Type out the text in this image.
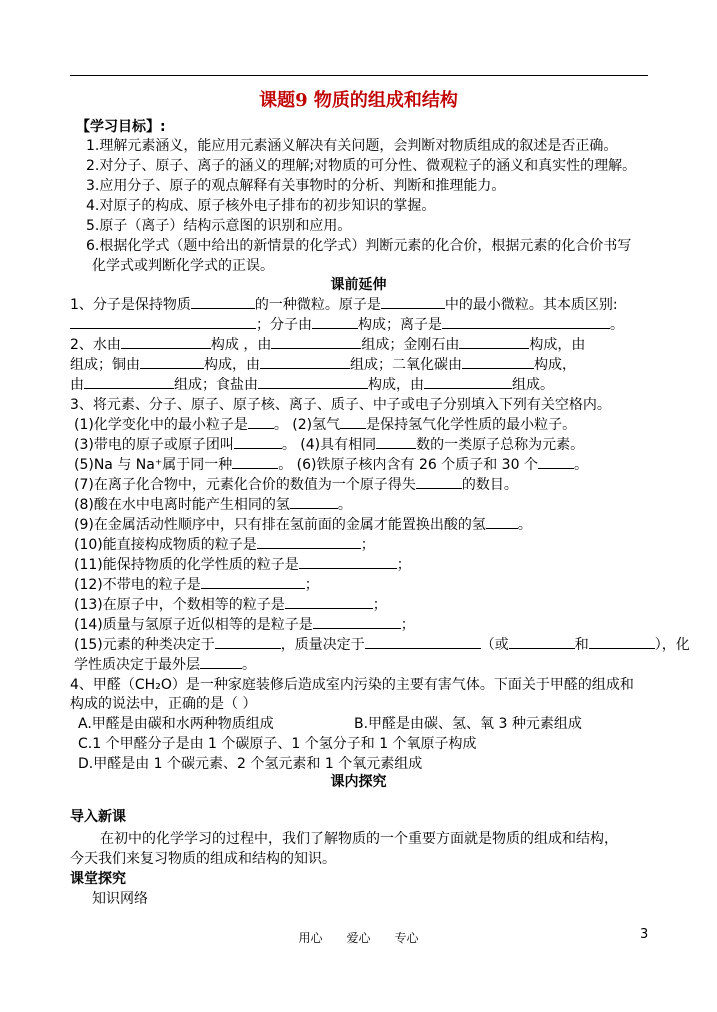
课题9 物质的组成和结构
【学习目标】:
1.理解元素涵义，能应用元素涵义解决有关问题，会判断对物质组成的叙述是否正确。
2.对分子、原子、离子的涵义的理解;对物质的可分性、微观粒子的涵义和真实性的理解。
3.应用分子、原子的观点解释有关事物时的分析、判断和推理能力。
4.对原子的构成、原子核外电子排布的初步知识的掌握。
5.原子（离子）结构示意图的识别和应用。
6.根据化学式（题中给出的新情景的化学式）判断元素的化合价，根据元素的化合价书写
化学式或判断化学式的正误。
课前延伸
1、分子是保持物质	的一种微粒。原子是	中的最小微粒。其本质区别:
；分子由	构成；离子是	。
2、水由	构成 ，由	组成；金刚石由	构成，由
组成；铜由	构成，由	组成；二氧化碳由	构成，
由	组成；食盐由	构成，由	组成。
3、将元素、分子、原子、原子核、离子、质子、中子或电子分别填入下列有关空格内。
(1)化学变化中的最小粒子是 。 (2)氢气 是保持氢气化学性质的最小粒子。
(3)带电的原子或原子团叫	。 (4)具有相同	数的一类原子总称为元素。
(5)Na 与 Na⁺属于同一种	。 (6)铁原子核内含有 26 个质子和 30 个	。
(7)在离子化合物中，元素化合价的数值为一个原子得失	的数目。
(8)酸在水中电离时能产生相同的氢	。
(9)在金属活动性顺序中，只有排在氢前面的金属才能置换出酸的氢 。
(10)能直接构成物质的粒子是	；
(11)能保持物质的化学性质的粒子是	；
(12)不带电的粒子是	；
(13)在原子中，个数相等的粒子是	；
(14)质量与氢原子近似相等的是粒子是	；
(15)元素的种类决定于	，质量决定于	（或	和	），化
学性质决定于最外层	。
4、甲醛（CH₂O）是一种家庭装修后造成室内污染的主要有害气体。下面关于甲醛的组成和
构成的说法中，正确的是（ ）
A.甲醛是由碳和水两种物质组成	B.甲醛是由碳、氢、氧 3 种元素组成
C.1 个甲醛分子是由 1 个碳原子、1 个氢分子和 1 个氧原子构成
D.甲醛是由 1 个碳元素、2 个氢元素和 1 个氧元素组成
课内探究
导入新课
在初中的化学学习的过程中，我们了解物质的一个重要方面就是物质的组成和结构，
今天我们来复习物质的组成和结构的知识。
课堂探究
知识网络
用心 爱心 专心	3
